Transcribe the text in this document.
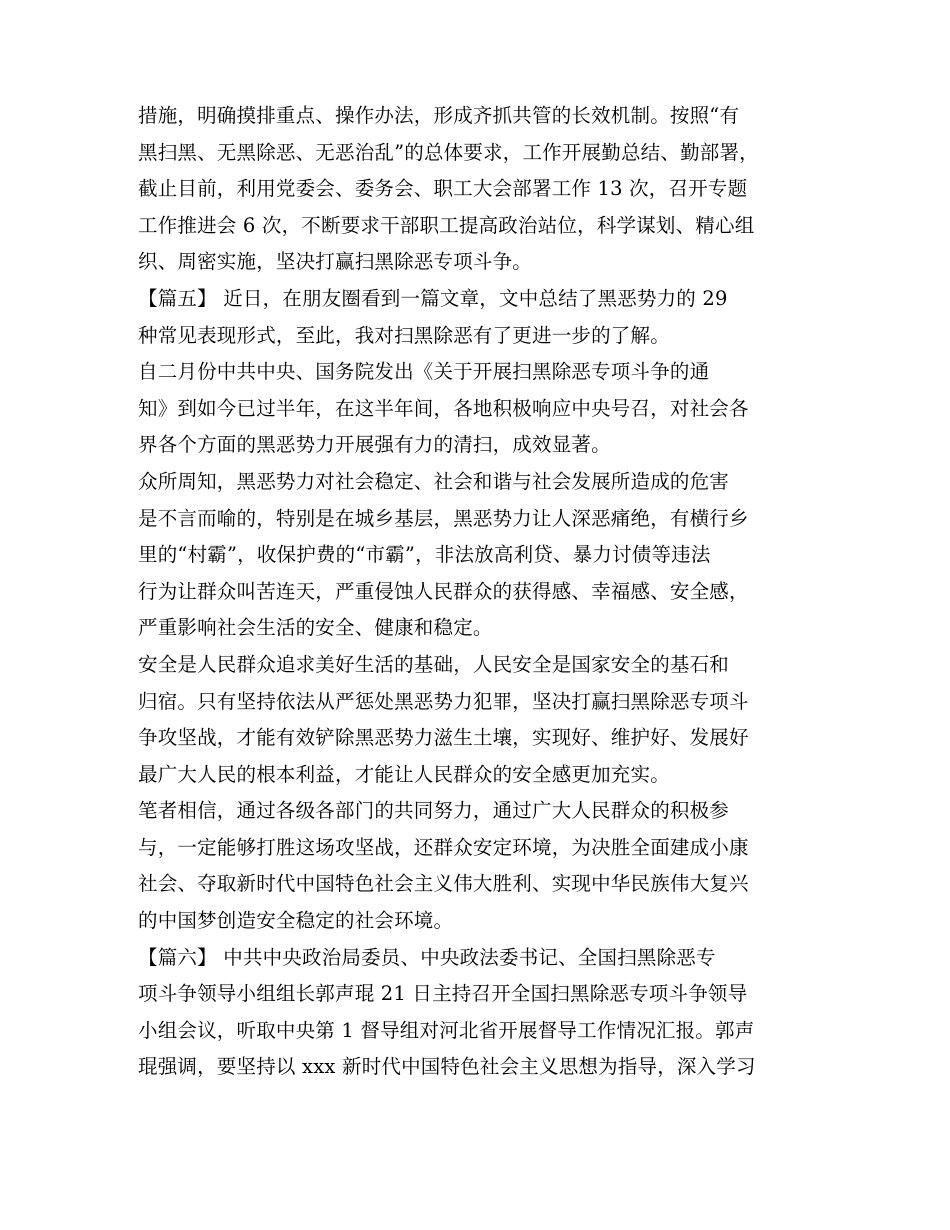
措施，明确摸排重点、操作办法，形成齐抓共管的长效机制。按照“有
黑扫黑、无黑除恶、无恶治乱”的总体要求，工作开展勤总结、勤部署，
截止目前，利用党委会、委务会、职工大会部署工作 13 次，召开专题
工作推进会 6 次，不断要求干部职工提高政治站位，科学谋划、精心组
织、周密实施，坚决打赢扫黑除恶专项斗争。
【篇五】 近日，在朋友圈看到一篇文章，文中总结了黑恶势力的 29
种常见表现形式，至此，我对扫黑除恶有了更进一步的了解。
自二月份中共中央、国务院发出《关于开展扫黑除恶专项斗争的通
知》到如今已过半年，在这半年间，各地积极响应中央号召，对社会各
界各个方面的黑恶势力开展强有力的清扫，成效显著。
众所周知，黑恶势力对社会稳定、社会和谐与社会发展所造成的危害
是不言而喻的，特别是在城乡基层，黑恶势力让人深恶痛绝，有横行乡
里的“村霸”，收保护费的“市霸”，非法放高利贷、暴力讨债等违法
行为让群众叫苦连天，严重侵蚀人民群众的获得感、幸福感、安全感，
严重影响社会生活的安全、健康和稳定。
安全是人民群众追求美好生活的基础，人民安全是国家安全的基石和
归宿。只有坚持依法从严惩处黑恶势力犯罪，坚决打赢扫黑除恶专项斗
争攻坚战，才能有效铲除黑恶势力滋生土壤，实现好、维护好、发展好
最广大人民的根本利益，才能让人民群众的安全感更加充实。
笔者相信，通过各级各部门的共同努力，通过广大人民群众的积极参
与，一定能够打胜这场攻坚战，还群众安定环境，为决胜全面建成小康
社会、夺取新时代中国特色社会主义伟大胜利、实现中华民族伟大复兴
的中国梦创造安全稳定的社会环境。
【篇六】 中共中央政治局委员、中央政法委书记、全国扫黑除恶专
项斗争领导小组组长郭声琨 21 日主持召开全国扫黑除恶专项斗争领导
小组会议，听取中央第 1 督导组对河北省开展督导工作情况汇报。郭声
琨强调，要坚持以 xxx 新时代中国特色社会主义思想为指导，深入学习
